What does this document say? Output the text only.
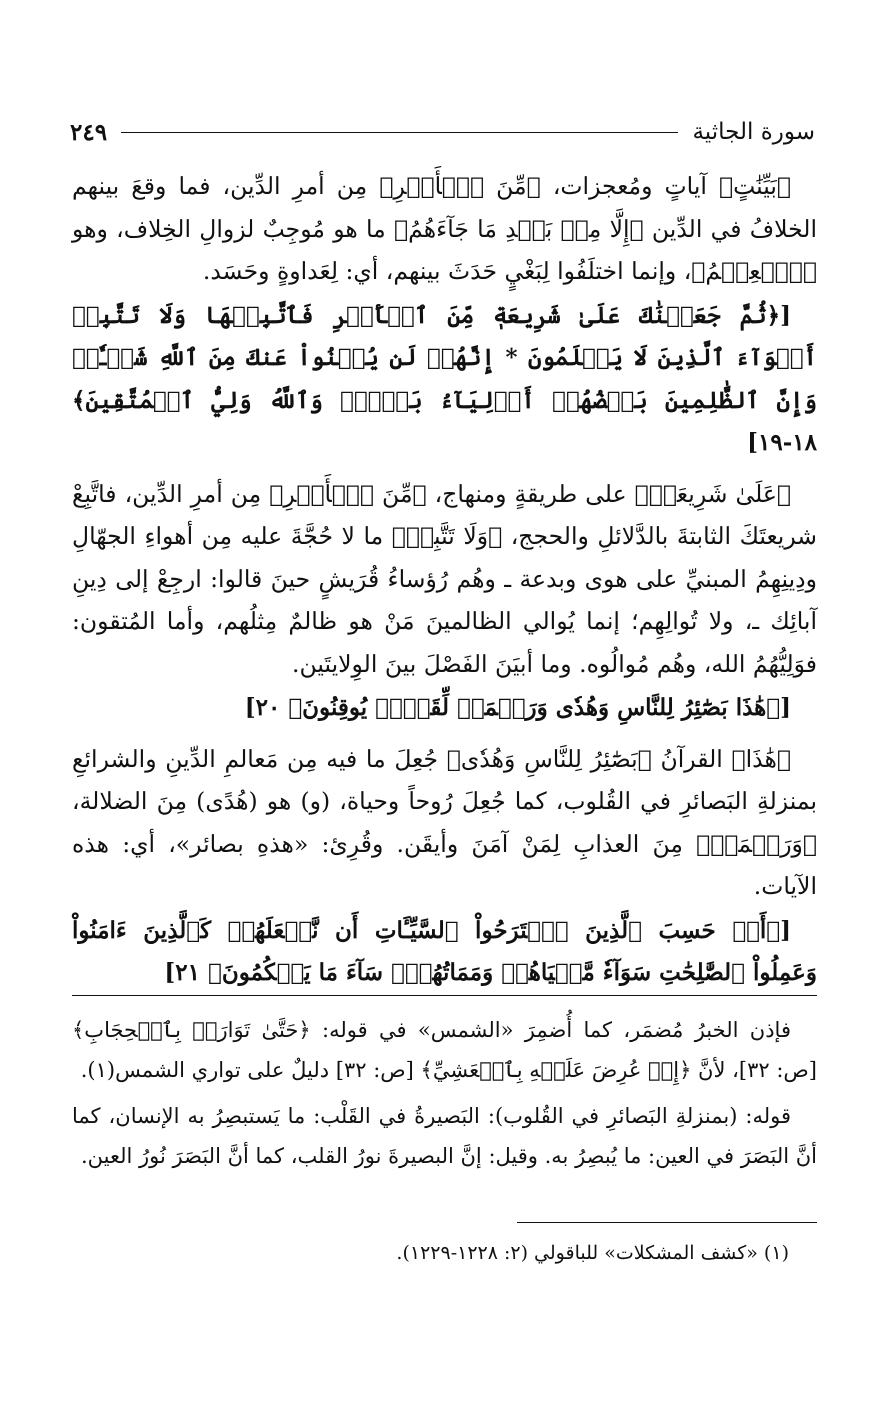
سورة الجاثية
٢٤٩

﴿بَيِّنَٰتٍ﴾ آياتٍ ومُعجزات، ﴿مِّنَ ٱلۡأَمۡرِ﴾ مِن أمرِ الدِّين، فما وقعَ بينهم الخلافُ في الدِّين ﴿إِلَّا مِنۢ بَعۡدِ مَا جَآءَهُمُ﴾ ما هو مُوجِبٌ لزوالِ الخِلاف، وهو ﴿ٱلۡعِلۡمُ﴾، وإنما اختلَفُوا لِبَغْيٍ حَدَثَ بينهم، أي: لِعَداوةٍ وحَسَد.

[﴿ثُمَّ جَعَلۡنَٰكَ عَلَىٰ شَرِيعَةٖ مِّنَ ٱلۡأَمۡرِ فَٱتَّبِعۡهَا وَلَا تَتَّبِعۡ أَهۡوَآءَ ٱلَّذِينَ لَا يَعۡلَمُونَ * إِنَّهُمۡ لَن يُغۡنُواْ عَنكَ مِنَ ٱللَّهِ شَيۡـٔٗاۚ وَإِنَّ ٱلظَّٰلِمِينَ بَعۡضُهُمۡ أَوۡلِيَآءُ بَعۡضٖۖ وَٱللَّهُ وَلِيُّ ٱلۡمُتَّقِينَ﴾ ١٨-١٩]

﴿عَلَىٰ شَرِيعَةٖ﴾ على طريقةٍ ومنهاج، ﴿مِّنَ ٱلۡأَمۡرِ﴾ مِن أمرِ الدِّين، فاتَّبِعْ شريعتَكَ الثابتةَ بالدَّلائلِ والحجج، ﴿وَلَا تَتَّبِعۡ﴾ ما لا حُجَّةَ عليه مِن أهواءِ الجهّالِ ودِينِهِمُ المبنيِّ على هوى وبدعة ـ وهُم رُؤساءُ قُرَيشٍ حينَ قالوا: ارجِعْ إلى دِينِ آبائِك ـ، ولا تُوالِهِم؛ إنما يُوالي الظالمينَ مَنْ هو ظالمٌ مِثلُهم، وأما المُتقون: فوَلِيُّهُمُ الله، وهُم مُوالُوه. وما أبيَنَ الفَصْلَ بينَ الوِلايتَين.

[﴿هَٰذَا بَصَٰٓئِرُ لِلنَّاسِ وَهُدٗى وَرَحۡمَةٞ لِّقَوۡمٖ يُوقِنُونَ﴾ ٢٠]

﴿هَٰذَا﴾ القرآنُ ﴿بَصَٰٓئِرُ لِلنَّاسِ وَهُدٗى﴾ جُعِلَ ما فيه مِن مَعالمِ الدِّينِ والشرائعِ بمنزلةِ البَصائرِ في القُلوب، كما جُعِلَ رُوحاً وحياة، (و) هو (هُدًى) مِنَ الضلالة، ﴿وَرَحۡمَةٞ﴾ مِنَ العذابِ لِمَنْ آمَنَ وأيقَن. وقُرِئ: «هذهِ بصائر»، أي: هذه الآيات.

[﴿أَمۡ حَسِبَ ٱلَّذِينَ ٱجۡتَرَحُواْ ٱلسَّيِّـَٔاتِ أَن نَّجۡعَلَهُمۡ كَٱلَّذِينَ ءَامَنُواْ وَعَمِلُواْ ٱلصَّٰلِحَٰتِ سَوَآءٗ مَّحۡيَاهُمۡ وَمَمَاتُهُمۡۚ سَآءَ مَا يَحۡكُمُونَ﴾ ٢١]

فإذن الخبرُ مُضمَر، كما أُضمِرَ «الشمس» في قوله: ﴿حَتَّىٰ تَوَارَتۡ بِٱلۡحِجَابِ﴾ [ص: ٣٢]، لأنَّ ﴿إِذۡ عُرِضَ عَلَيۡهِ بِٱلۡعَشِيِّ﴾ [ص: ٣٢] دليلٌ على تواري الشمس(١).

قوله: (بمنزلةِ البَصائرِ في القُلوب): البَصيرةُ في القَلْب: ما يَستبصِرُ به الإنسان، كما أنَّ البَصَرَ في العين: ما يُبصِرُ به. وقيل: إنَّ البصيرةَ نورُ القلب، كما أنَّ البَصَرَ نُورُ العين.

(١) «كشف المشكلات» للباقولي (٢: ١٢٢٨-١٢٢٩).
